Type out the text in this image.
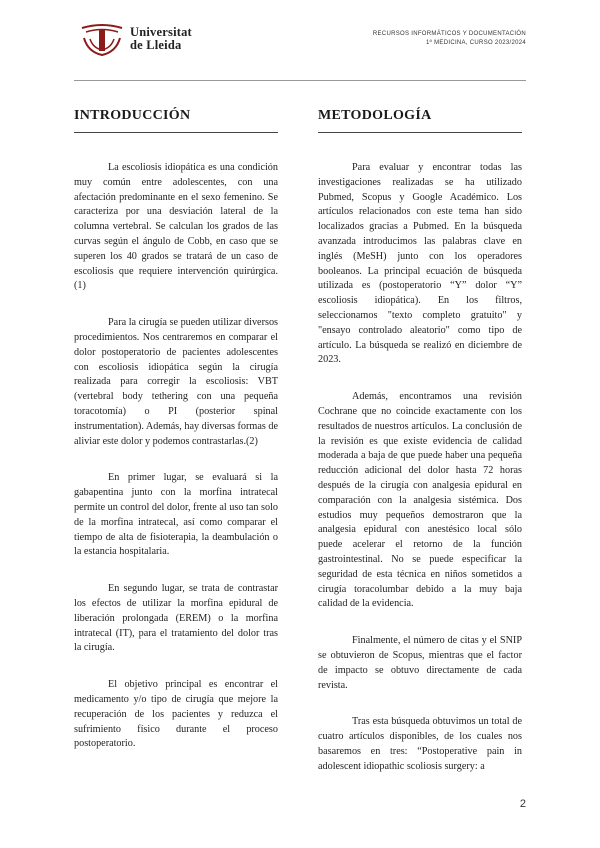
Universitat
de Lleida
RECURSOS INFORMÁTICOS Y DOCUMENTACIÓN
1º MEDICINA, CURSO 2023/2024
INTRODUCCIÓN

La escoliosis idiopática es una condición muy común entre adolescentes, con una afectación predominante en el sexo femenino. Se caracteriza por una desviación lateral de la columna vertebral. Se calculan los grados de las curvas según el ángulo de Cobb, en caso que se superen los 40 grados se tratará de un caso de escoliosis que requiere intervención quirúrgica. (1)

Para la cirugía se pueden utilizar diversos procedimientos. Nos centraremos en comparar el dolor postoperatorio de pacientes adolescentes con escoliosis idiopática según la cirugía realizada para corregir la escoliosis: VBT (vertebral body tethering con una pequeña toracotomía) o PI (posterior spinal instrumentation). Además, hay diversas formas de aliviar este dolor y podemos contrastarlas.(2)

En primer lugar, se evaluará si la gabapentina junto con la morfina intratecal permite un control del dolor, frente al uso tan solo de la morfina intratecal, así como comparar el tiempo de alta de fisioterapia, la deambulación o la estancia hospitalaria.

En segundo lugar, se trata de contrastar los efectos de utilizar la morfina epidural de liberación prolongada (EREM) o la morfina intratecal (IT), para el tratamiento del dolor tras la cirugía.

El objetivo principal es encontrar el medicamento y/o tipo de cirugía que mejore la recuperación de los pacientes y reduzca el sufrimiento físico durante el proceso postoperatorio.

METODOLOGÍA

Para evaluar y encontrar todas las investigaciones realizadas se ha utilizado Pubmed, Scopus y Google Académico. Los artículos relacionados con este tema han sido localizados gracias a Pubmed. En la búsqueda avanzada introducimos las palabras clave en inglés (MeSH) junto con los operadores booleanos. La principal ecuación de búsqueda utilizada es (postoperatorio “Y” dolor “Y” escoliosis idiopática). En los filtros, seleccionamos "texto completo gratuito" y "ensayo controlado aleatorio" como tipo de artículo. La búsqueda se realizó en diciembre de 2023.

Además, encontramos una revisión Cochrane que no coincide exactamente con los resultados de nuestros artículos. La conclusión de la revisión es que existe evidencia de calidad moderada a baja de que puede haber una pequeña reducción adicional del dolor hasta 72 horas después de la cirugía con analgesia epidural en comparación con la analgesia sistémica. Dos estudios muy pequeños demostraron que la analgesia epidural con anestésico local sólo puede acelerar el retorno de la función gastrointestinal. No se puede especificar la seguridad de esta técnica en niños sometidos a cirugía toracolumbar debido a la muy baja calidad de la evidencia.

Finalmente, el número de citas y el SNIP se obtuvieron de Scopus, mientras que el factor de impacto se obtuvo directamente de cada revista.

Tras esta búsqueda obtuvimos un total de cuatro artículos disponibles, de los cuales nos basaremos en tres: “Postoperative pain in adolescent idiopathic scoliosis surgery: a

2
